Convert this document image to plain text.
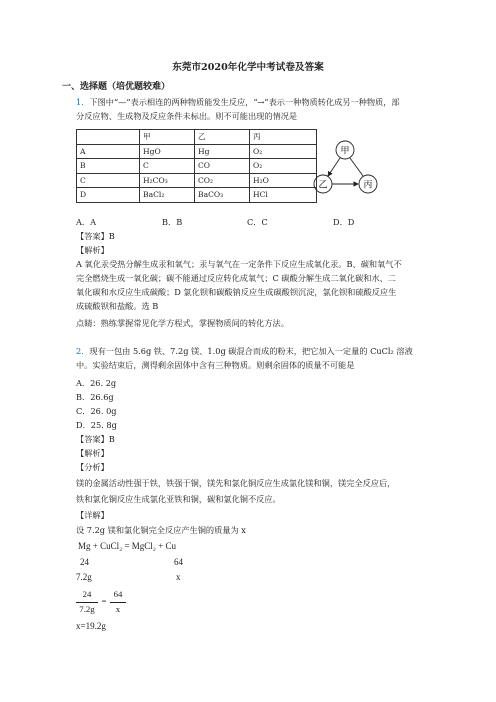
东莞市2020年化学中考试卷及答案
一、选择题（培优题较难）
1．下图中“—”表示相连的两种物质能发生反应，“→”表示一种物质转化成另一种物质，部
分反应物、生成物及反应条件未标出。则不可能出现的情况是
	甲	乙	丙
A	HgO	Hg	O₂
B	C	CO	O₂
C	H₂CO₃	CO₂	H₂O
D	BaCl₂	BaCO₃	HCl
甲
乙	丙
A．A	B．B	C．C	D．D
【答案】B
【解析】
A 氧化汞受热分解生成汞和氧气；汞与氧气在一定条件下反应生成氧化汞。B、碳和氧气不
完全燃烧生成一氧化碳；碳不能通过反应转化成氧气；C 碳酸分解生成二氧化碳和水、二
氧化碳和水反应生成碳酸；D 氯化钡和碳酸钠反应生成碳酸钡沉淀，氯化钡和硫酸反应生
成硫酸钡和盐酸。选 B
点睛：熟练掌握常见化学方程式，掌握物质间的转化方法。
2．现有一包由 5.6g 铁、7.2g 镁、1.0g 碳混合而成的粉末，把它加入一定量的 CuCl₂ 溶液
中。实验结束后，测得剩余固体中含有三种物质。则剩余固体的质量不可能是
A．26. 2g
B．26.6g
C．26. 0g
D．25. 8g
【答案】B
【解析】
【分析】
镁的金属活动性强于铁，铁强于铜，镁先和氯化铜反应生成氯化镁和铜，镁完全反应后，
铁和氯化铜反应生成氯化亚铁和铜，碳和氯化铜不反应。
【详解】
设 7.2g 镁和氯化铜完全反应产生铜的质量为 x
Mg + CuCl₂ = MgCl₂ + Cu
24	64
7.2g	x
24
7.2g
=
64
x
x=19.2g
